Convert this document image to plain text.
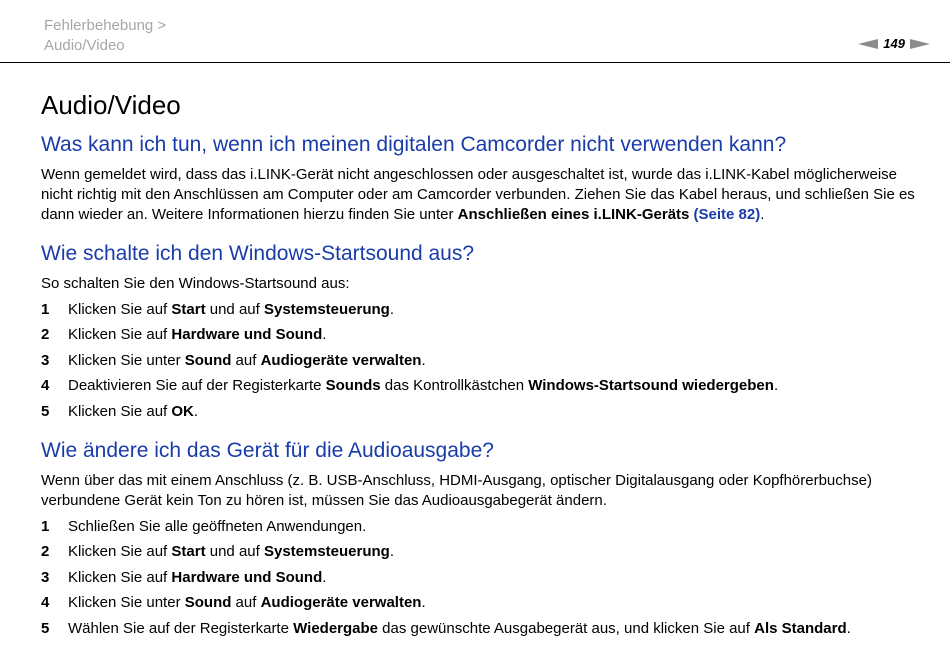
Fehlerbehebung >
Audio/Video	149
Audio/Video
Was kann ich tun, wenn ich meinen digitalen Camcorder nicht verwenden kann?

Wenn gemeldet wird, dass das i.LINK-Gerät nicht angeschlossen oder ausgeschaltet ist, wurde das i.LINK-Kabel möglicherweise nicht richtig mit den Anschlüssen am Computer oder am Camcorder verbunden. Ziehen Sie das Kabel heraus, und schließen Sie es dann wieder an. Weitere Informationen hierzu finden Sie unter Anschließen eines i.LINK-Geräts (Seite 82).

Wie schalte ich den Windows-Startsound aus?

So schalten Sie den Windows-Startsound aus:

1	Klicken Sie auf Start und auf Systemsteuerung.
2	Klicken Sie auf Hardware und Sound.
3	Klicken Sie unter Sound auf Audiogeräte verwalten.
4	Deaktivieren Sie auf der Registerkarte Sounds das Kontrollkästchen Windows-Startsound wiedergeben.
5	Klicken Sie auf OK.
Wie ändere ich das Gerät für die Audioausgabe?

Wenn über das mit einem Anschluss (z. B. USB-Anschluss, HDMI-Ausgang, optischer Digitalausgang oder Kopfhörerbuchse) verbundene Gerät kein Ton zu hören ist, müssen Sie das Audioausgabegerät ändern.

1	Schließen Sie alle geöffneten Anwendungen.
2	Klicken Sie auf Start und auf Systemsteuerung.
3	Klicken Sie auf Hardware und Sound.
4	Klicken Sie unter Sound auf Audiogeräte verwalten.
5	Wählen Sie auf der Registerkarte Wiedergabe das gewünschte Ausgabegerät aus, und klicken Sie auf Als Standard.
